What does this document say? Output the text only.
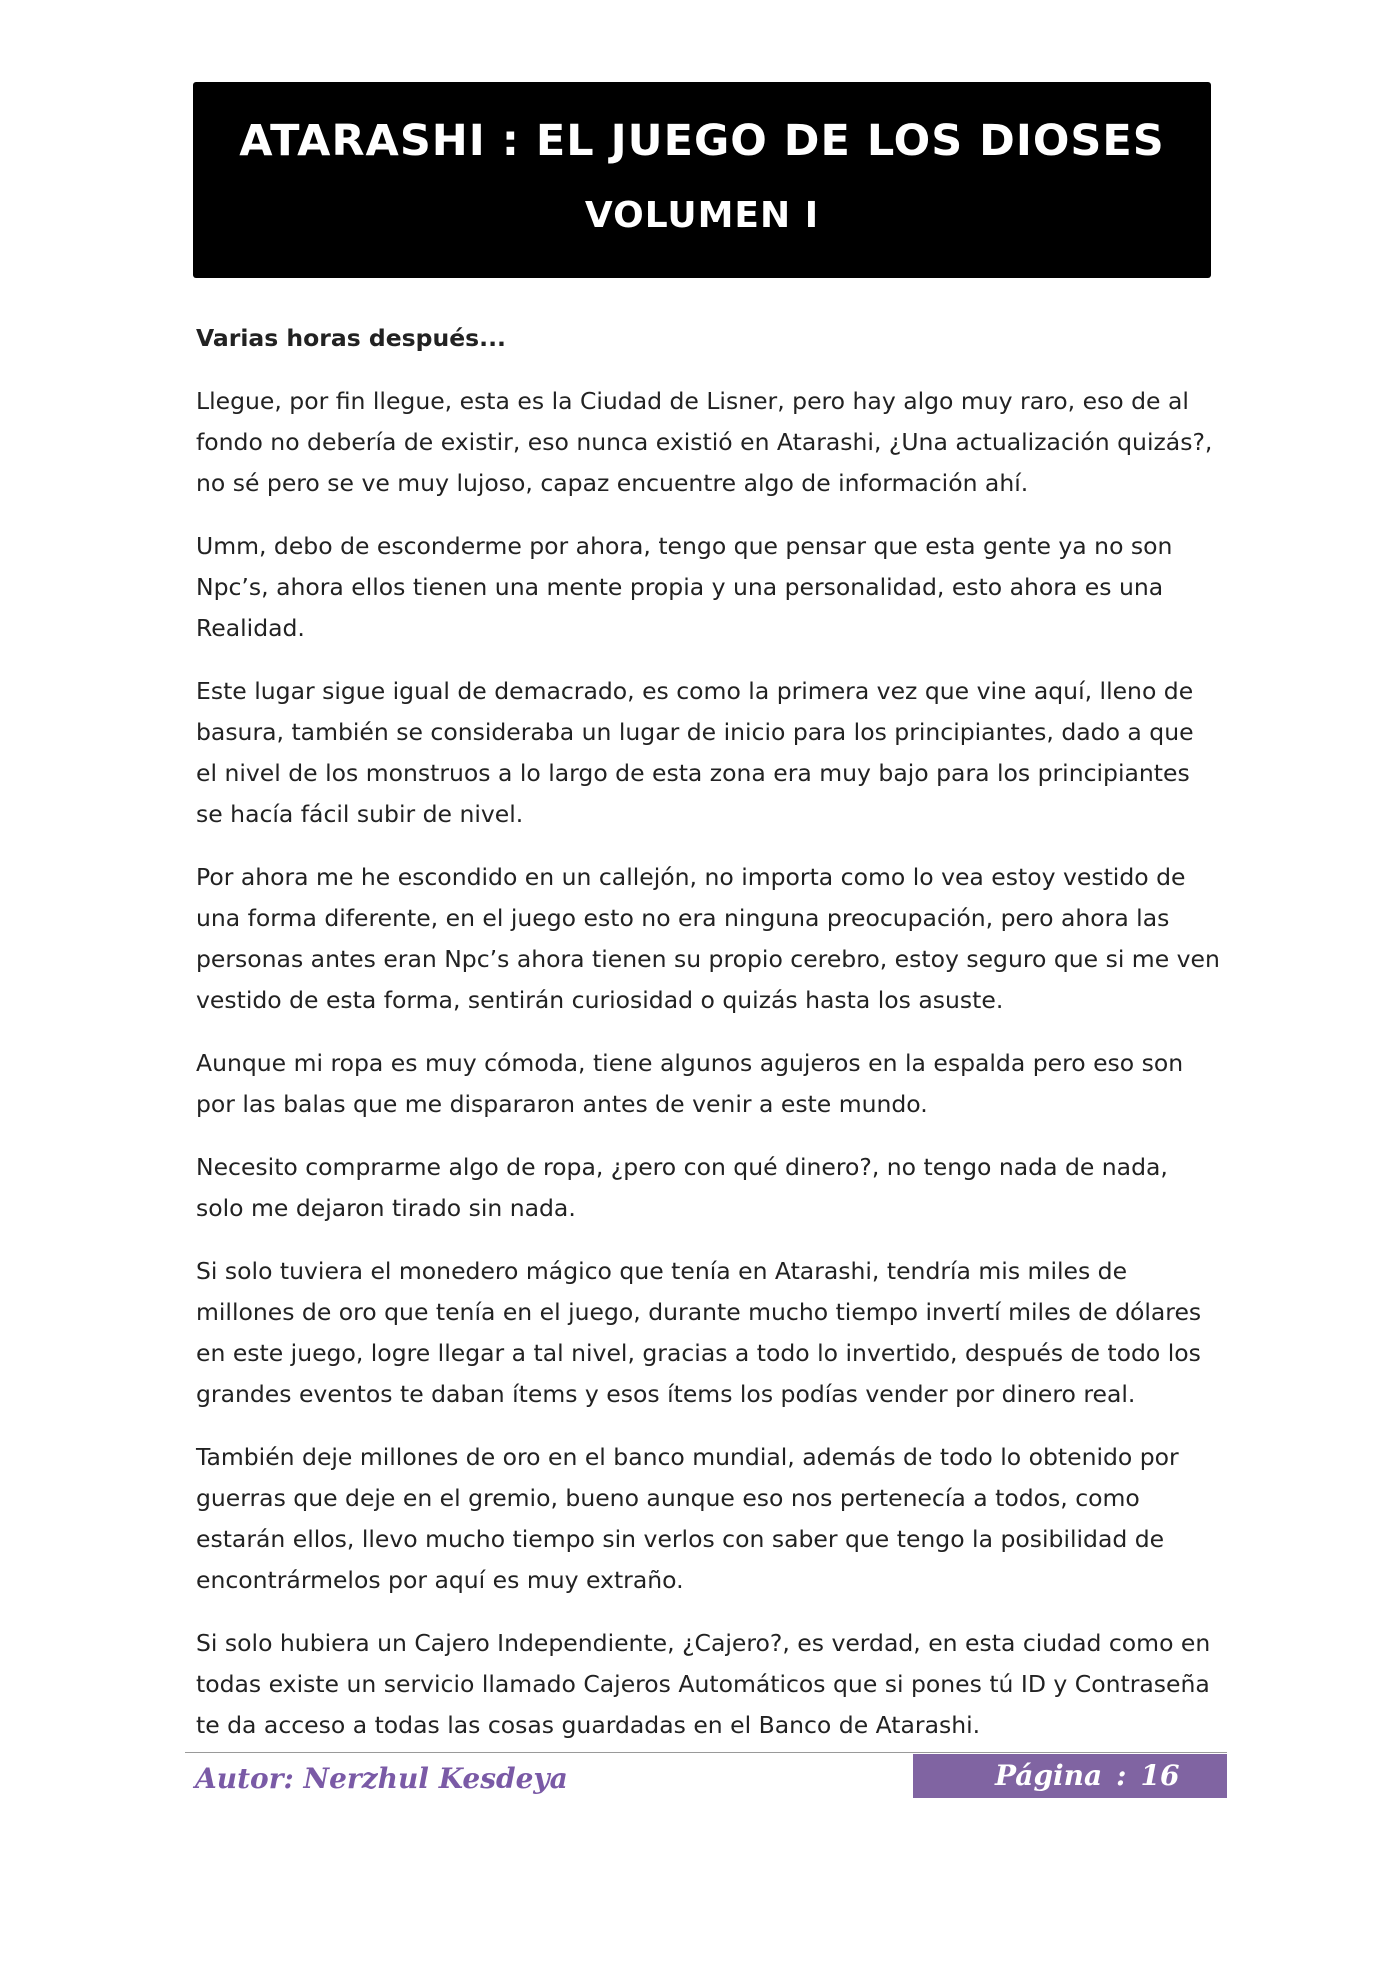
ATARASHI : EL JUEGO DE LOS DIOSES
VOLUMEN I

Varias horas después...

Llegue, por fin llegue, esta es la Ciudad de Lisner, pero hay algo muy raro, eso de al fondo no debería de existir, eso nunca existió en Atarashi, ¿Una actualización quizás?, no sé pero se ve muy lujoso, capaz encuentre algo de información ahí.

Umm, debo de esconderme por ahora, tengo que pensar que esta gente ya no son Npc’s, ahora ellos tienen una mente propia y una personalidad, esto ahora es una Realidad.

Este lugar sigue igual de demacrado, es como la primera vez que vine aquí, lleno de basura, también se consideraba un lugar de inicio para los principiantes, dado a que el nivel de los monstruos a lo largo de esta zona era muy bajo para los principiantes se hacía fácil subir de nivel.

Por ahora me he escondido en un callejón, no importa como lo vea estoy vestido de una forma diferente, en el juego esto no era ninguna preocupación, pero ahora las personas antes eran Npc’s ahora tienen su propio cerebro, estoy seguro que si me ven vestido de esta forma, sentirán curiosidad o quizás hasta los asuste.

Aunque mi ropa es muy cómoda, tiene algunos agujeros en la espalda pero eso son por las balas que me dispararon antes de venir a este mundo.

Necesito comprarme algo de ropa, ¿pero con qué dinero?, no tengo nada de nada, solo me dejaron tirado sin nada.

Si solo tuviera el monedero mágico que tenía en Atarashi, tendría mis miles de millones de oro que tenía en el juego, durante mucho tiempo invertí miles de dólares en este juego, logre llegar a tal nivel, gracias a todo lo invertido, después de todo los grandes eventos te daban ítems y esos ítems los podías vender por dinero real.

También deje millones de oro en el banco mundial, además de todo lo obtenido por guerras que deje en el gremio, bueno aunque eso nos pertenecía a todos, como estarán ellos, llevo mucho tiempo sin verlos con saber que tengo la posibilidad de encontrármelos por aquí es muy extraño.

Si solo hubiera un Cajero Independiente, ¿Cajero?, es verdad, en esta ciudad como en todas existe un servicio llamado Cajeros Automáticos que si pones tú ID y Contraseña te da acceso a todas las cosas guardadas en el Banco de Atarashi.

Autor: Nerzhul Kesdeya	Página : 16
